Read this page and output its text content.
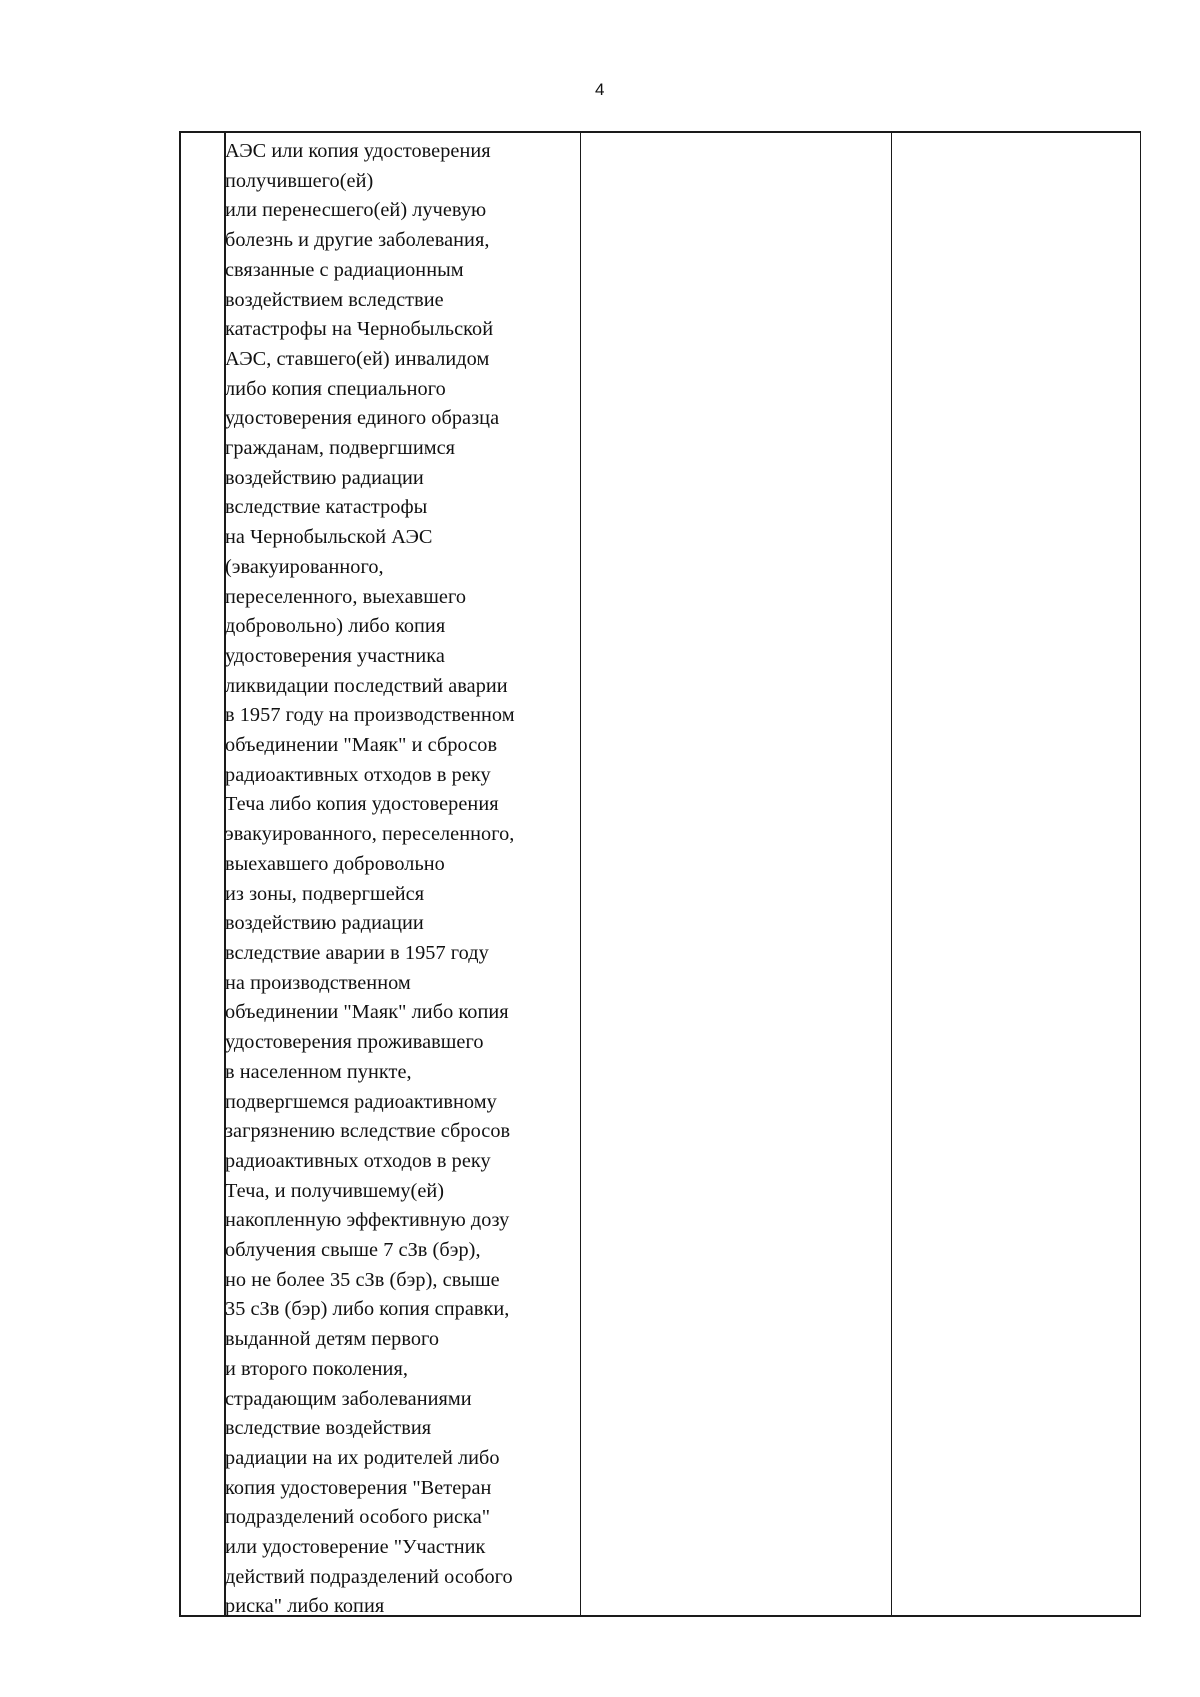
4
АЭС или копия удостоверения
получившего(ей)
или перенесшего(ей) лучевую
болезнь и другие заболевания,
связанные с радиационным
воздействием вследствие
катастрофы на Чернобыльской
АЭС, ставшего(ей) инвалидом
либо копия специального
удостоверения единого образца
гражданам, подвергшимся
воздействию радиации
вследствие катастрофы
на Чернобыльской АЭС
(эвакуированного,
переселенного, выехавшего
добровольно) либо копия
удостоверения участника
ликвидации последствий аварии
в 1957 году на производственном
объединении "Маяк" и сбросов
радиоактивных отходов в реку
Теча либо копия удостоверения
эвакуированного, переселенного,
выехавшего добровольно
из зоны, подвергшейся
воздействию радиации
вследствие аварии в 1957 году
на производственном
объединении "Маяк" либо копия
удостоверения проживавшего
в населенном пункте,
подвергшемся радиоактивному
загрязнению вследствие сбросов
радиоактивных отходов в реку
Теча, и получившему(ей)
накопленную эффективную дозу
облучения свыше 7 сЗв (бэр),
но не более 35 сЗв (бэр), свыше
35 сЗв (бэр) либо копия справки,
выданной детям первого
и второго поколения,
страдающим заболеваниями
вследствие воздействия
радиации на их родителей либо
копия удостоверения "Ветеран
подразделений особого риска"
или удостоверение "Участник
действий подразделений особого
риска" либо копия
